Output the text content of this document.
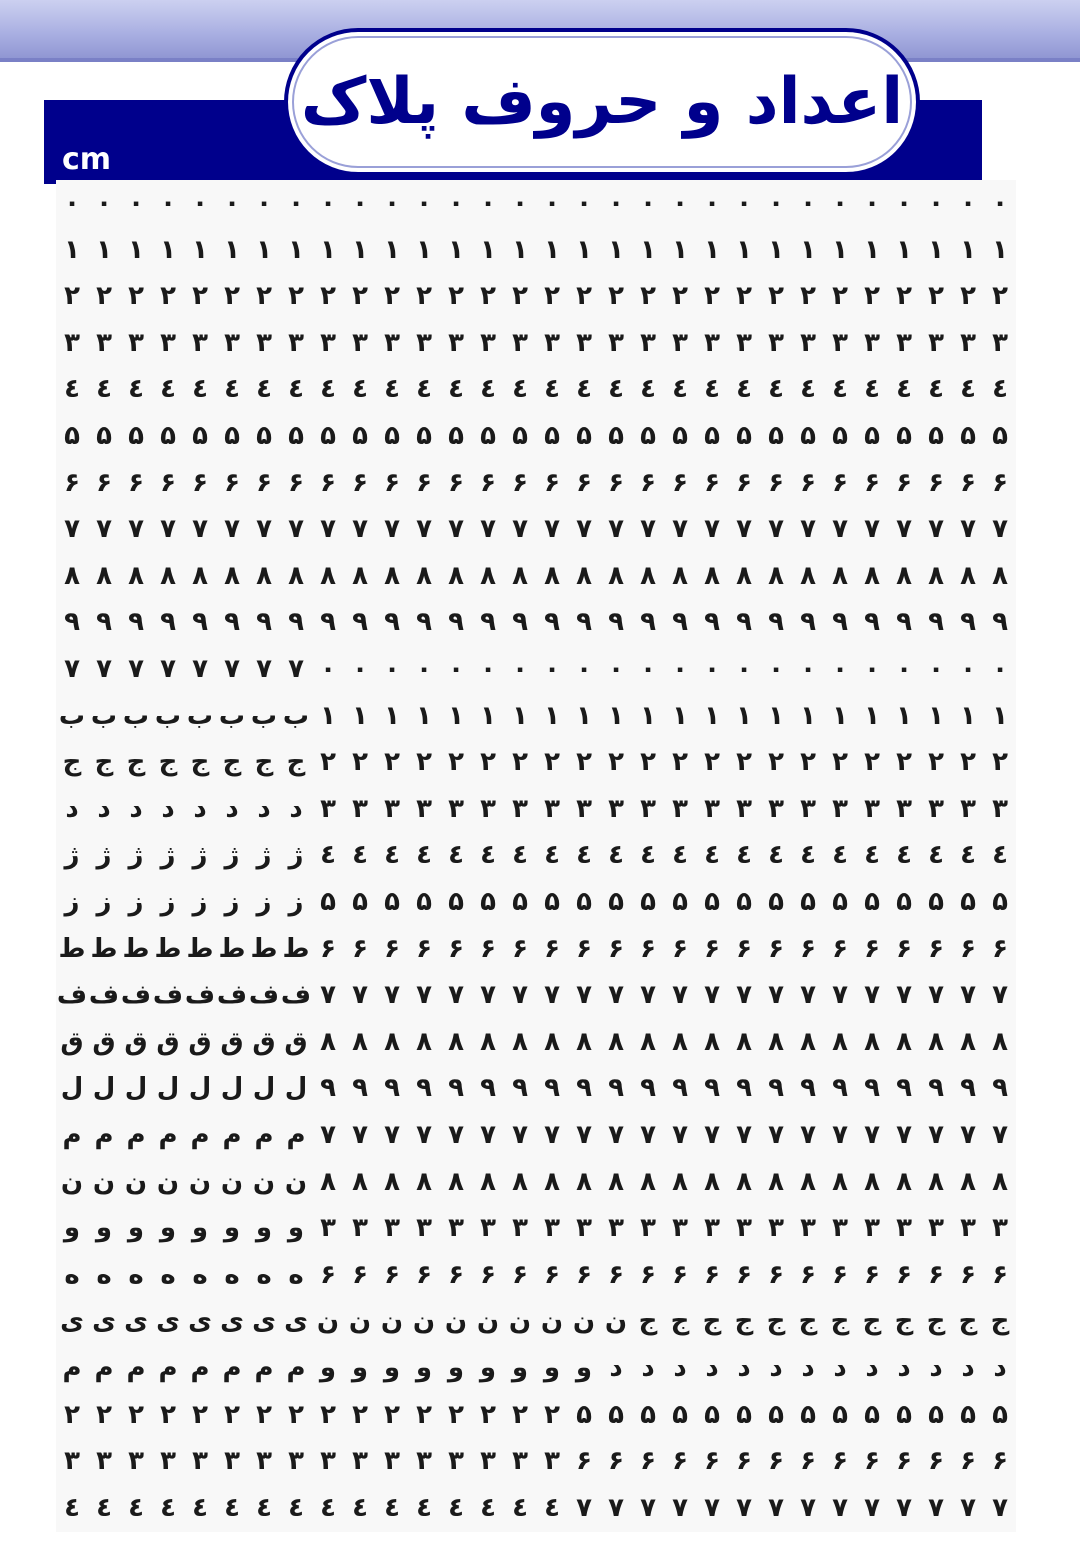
۱ ۱
cm
اعداد و حروف پلاک
۰
۰
۰
۰
۰
۰
۰
۰
۰
۰
۰
۰
۰
۰
۰
۰
۰
۰
۰
۰
۰
۰
۰
۰
۰
۰
۰
۰
۰
۰
۱
۱
۱
۱
۱
۱
۱
۱
۱
۱
۱
۱
۱
۱
۱
۱
۱
۱
۱
۱
۱
۱
۱
۱
۱
۱
۱
۱
۱
۱
۲
۲
۲
۲
۲
۲
۲
۲
۲
۲
۲
۲
۲
۲
۲
۲
۲
۲
۲
۲
۲
۲
۲
۲
۲
۲
۲
۲
۲
۲
۳
۳
۳
۳
۳
۳
۳
۳
۳
۳
۳
۳
۳
۳
۳
۳
۳
۳
۳
۳
۳
۳
۳
۳
۳
۳
۳
۳
۳
۳
٤
٤
٤
٤
٤
٤
٤
٤
٤
٤
٤
٤
٤
٤
٤
٤
٤
٤
٤
٤
٤
٤
٤
٤
٤
٤
٤
٤
٤
٤
۵
۵
۵
۵
۵
۵
۵
۵
۵
۵
۵
۵
۵
۵
۵
۵
۵
۵
۵
۵
۵
۵
۵
۵
۵
۵
۵
۵
۵
۵
۶
۶
۶
۶
۶
۶
۶
۶
۶
۶
۶
۶
۶
۶
۶
۶
۶
۶
۶
۶
۶
۶
۶
۶
۶
۶
۶
۶
۶
۶
۷
۷
۷
۷
۷
۷
۷
۷
۷
۷
۷
۷
۷
۷
۷
۷
۷
۷
۷
۷
۷
۷
۷
۷
۷
۷
۷
۷
۷
۷
۸
۸
۸
۸
۸
۸
۸
۸
۸
۸
۸
۸
۸
۸
۸
۸
۸
۸
۸
۸
۸
۸
۸
۸
۸
۸
۸
۸
۸
۸
۹
۹
۹
۹
۹
۹
۹
۹
۹
۹
۹
۹
۹
۹
۹
۹
۹
۹
۹
۹
۹
۹
۹
۹
۹
۹
۹
۹
۹
۹
۰
۰
۰
۰
۰
۰
۰
۰
۰
۰
۰
۰
۰
۰
۰
۰
۰
۰
۰
۰
۰
۰
۷
۷
۷
۷
۷
۷
۷
۷
۱
۱
۱
۱
۱
۱
۱
۱
۱
۱
۱
۱
۱
۱
۱
۱
۱
۱
۱
۱
۱
۱
ب
ب
ب
ب
ب
ب
ب
ب
۲
۲
۲
۲
۲
۲
۲
۲
۲
۲
۲
۲
۲
۲
۲
۲
۲
۲
۲
۲
۲
۲
ج
ج
ج
ج
ج
ج
ج
ج
۳
۳
۳
۳
۳
۳
۳
۳
۳
۳
۳
۳
۳
۳
۳
۳
۳
۳
۳
۳
۳
۳
د
د
د
د
د
د
د
د
٤
٤
٤
٤
٤
٤
٤
٤
٤
٤
٤
٤
٤
٤
٤
٤
٤
٤
٤
٤
٤
٤
ژ
ژ
ژ
ژ
ژ
ژ
ژ
ژ
۵
۵
۵
۵
۵
۵
۵
۵
۵
۵
۵
۵
۵
۵
۵
۵
۵
۵
۵
۵
۵
۵
ز
ز
ز
ز
ز
ز
ز
ز
۶
۶
۶
۶
۶
۶
۶
۶
۶
۶
۶
۶
۶
۶
۶
۶
۶
۶
۶
۶
۶
۶
ط
ط
ط
ط
ط
ط
ط
ط
۷
۷
۷
۷
۷
۷
۷
۷
۷
۷
۷
۷
۷
۷
۷
۷
۷
۷
۷
۷
۷
۷
ف
ف
ف
ف
ف
ف
ف
ف
۸
۸
۸
۸
۸
۸
۸
۸
۸
۸
۸
۸
۸
۸
۸
۸
۸
۸
۸
۸
۸
۸
ق
ق
ق
ق
ق
ق
ق
ق
۹
۹
۹
۹
۹
۹
۹
۹
۹
۹
۹
۹
۹
۹
۹
۹
۹
۹
۹
۹
۹
۹
ل
ل
ل
ل
ل
ل
ل
ل
۷
۷
۷
۷
۷
۷
۷
۷
۷
۷
۷
۷
۷
۷
۷
۷
۷
۷
۷
۷
۷
۷
م
م
م
م
م
م
م
م
۸
۸
۸
۸
۸
۸
۸
۸
۸
۸
۸
۸
۸
۸
۸
۸
۸
۸
۸
۸
۸
۸
ن
ن
ن
ن
ن
ن
ن
ن
۳
۳
۳
۳
۳
۳
۳
۳
۳
۳
۳
۳
۳
۳
۳
۳
۳
۳
۳
۳
۳
۳
و
و
و
و
و
و
و
و
۶
۶
۶
۶
۶
۶
۶
۶
۶
۶
۶
۶
۶
۶
۶
۶
۶
۶
۶
۶
۶
۶
ه
ه
ه
ه
ه
ه
ه
ه
ج
ج
ج
ج
ج
ج
ج
ج
ج
ج
ج
ج
ن
ن
ن
ن
ن
ن
ن
ن
ن
ن
ی
ی
ی
ی
ی
ی
ی
ی
د
د
د
د
د
د
د
د
د
د
د
د
د
و
و
و
و
و
و
و
و
و
م
م
م
م
م
م
م
م
۵
۵
۵
۵
۵
۵
۵
۵
۵
۵
۵
۵
۵
۵
۲
۲
۲
۲
۲
۲
۲
۲
۲
۲
۲
۲
۲
۲
۲
۲
۶
۶
۶
۶
۶
۶
۶
۶
۶
۶
۶
۶
۶
۶
۳
۳
۳
۳
۳
۳
۳
۳
۳
۳
۳
۳
۳
۳
۳
۳
۷
۷
۷
۷
۷
۷
۷
۷
۷
۷
۷
۷
۷
۷
٤
٤
٤
٤
٤
٤
٤
٤
٤
٤
٤
٤
٤
٤
٤
٤
